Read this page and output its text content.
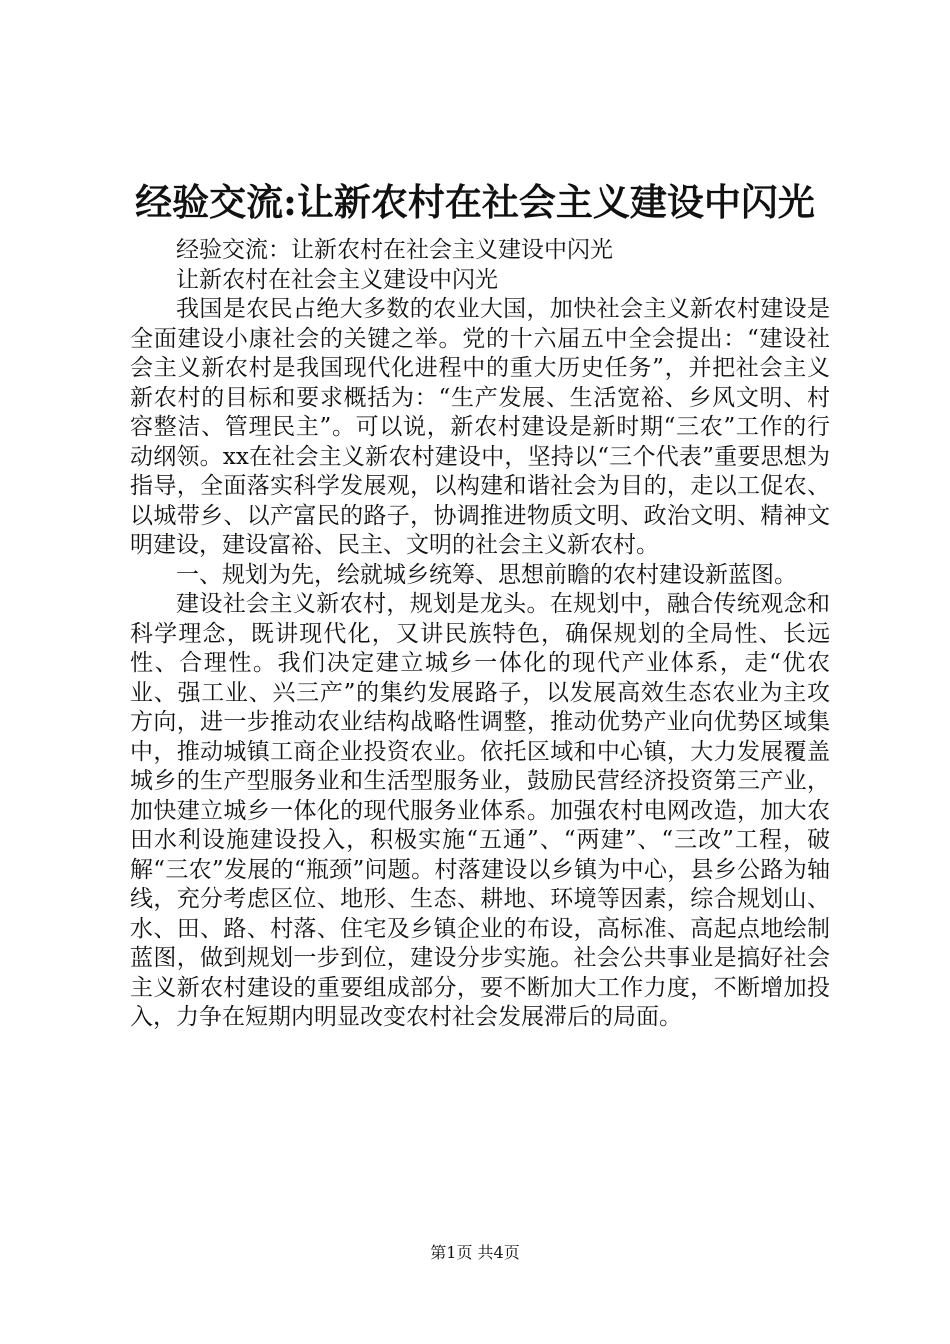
经验交流:让新农村在社会主义建设中闪光

经验交流：让新农村在社会主义建设中闪光

让新农村在社会主义建设中闪光

我国是农民占绝大多数的农业大国，加快社会主义新农村建设是全面建设小康社会的关键之举。党的十六届五中全会提出：“建设社会主义新农村是我国现代化进程中的重大历史任务”，并把社会主义新农村的目标和要求概括为：“生产发展、生活宽裕、乡风文明、村容整洁、管理民主”。可以说，新农村建设是新时期“三农”工作的行动纲领。xx在社会主义新农村建设中，坚持以“三个代表”重要思想为指导，全面落实科学发展观，以构建和谐社会为目的，走以工促农、以城带乡、以产富民的路子，协调推进物质文明、政治文明、精神文明建设，建设富裕、民主、文明的社会主义新农村。

一、规划为先，绘就城乡统筹、思想前瞻的农村建设新蓝图。

建设社会主义新农村，规划是龙头。在规划中，融合传统观念和科学理念，既讲现代化，又讲民族特色，确保规划的全局性、长远性、合理性。我们决定建立城乡一体化的现代产业体系，走“优农业、强工业、兴三产”的集约发展路子，以发展高效生态农业为主攻方向，进一步推动农业结构战略性调整，推动优势产业向优势区域集中，推动城镇工商企业投资农业。依托区域和中心镇，大力发展覆盖城乡的生产型服务业和生活型服务业，鼓励民营经济投资第三产业，加快建立城乡一体化的现代服务业体系。加强农村电网改造，加大农田水利设施建设投入，积极实施“五通”、“两建”、“三改”工程，破解“三农”发展的“瓶颈”问题。村落建设以乡镇为中心，县乡公路为轴线，充分考虑区位、地形、生态、耕地、环境等因素，综合规划山、水、田、路、村落、住宅及乡镇企业的布设，高标准、高起点地绘制蓝图，做到规划一步到位，建设分步实施。社会公共事业是搞好社会主义新农村建设的重要组成部分，要不断加大工作力度，不断增加投入，力争在短期内明显改变农村社会发展滞后的局面。

第1页 共4页
